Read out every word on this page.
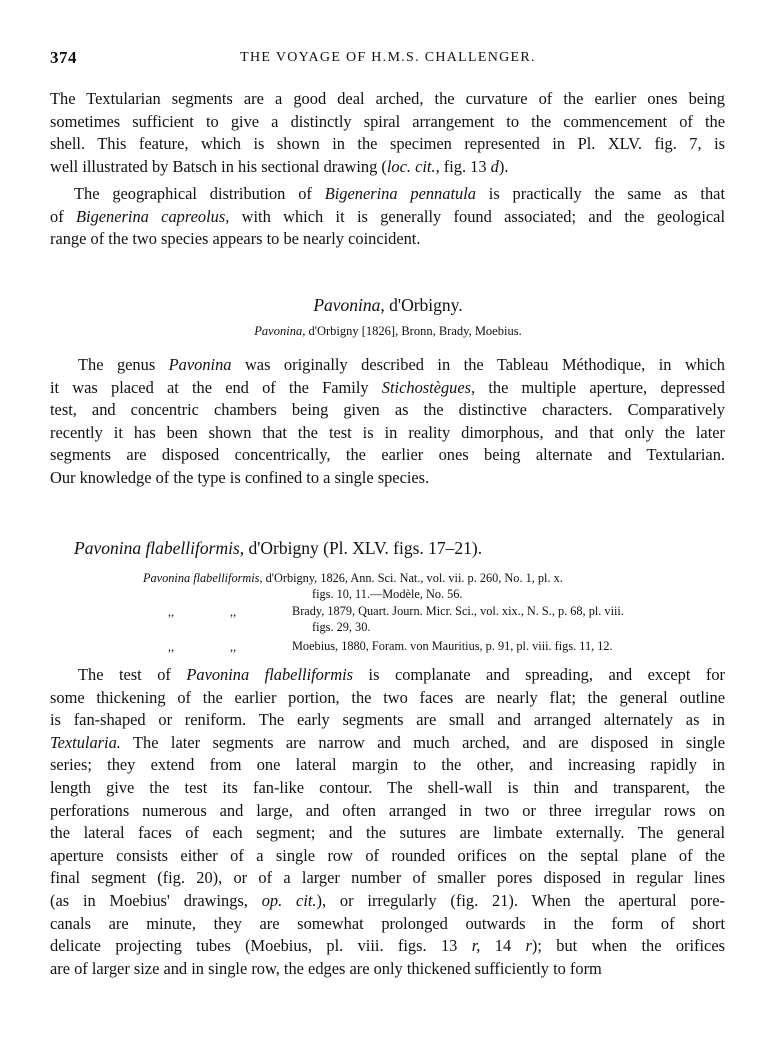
374	THE VOYAGE OF H.M.S. CHALLENGER.
The Textularian segments are a good deal arched, the curvature of the earlier ones being
sometimes sufficient to give a distinctly spiral arrangement to the commencement of the
shell. This feature, which is shown in the specimen represented in Pl. XLV. fig. 7, is
well illustrated by Batsch in his sectional drawing (loc. cit., fig. 13 d).
The geographical distribution of Bigenerina pennatula is practically the same as that
of Bigenerina capreolus, with which it is generally found associated; and the geological
range of the two species appears to be nearly coincident.
Pavonina, d'Orbigny.
Pavonina, d'Orbigny [1826], Bronn, Brady, Moebius.
The genus Pavonina was originally described in the Tableau Méthodique, in which
it was placed at the end of the Family Stichostègues, the multiple aperture, depressed
test, and concentric chambers being given as the distinctive characters. Comparatively
recently it has been shown that the test is in reality dimorphous, and that only the later
segments are disposed concentrically, the earlier ones being alternate and Textularian.
Our knowledge of the type is confined to a single species.
Pavonina flabelliformis, d'Orbigny (Pl. XLV. figs. 17–21).
Pavonina flabelliformis, d'Orbigny, 1826, Ann. Sci. Nat., vol. vii. p. 260, No. 1, pl. x.
figs. 10, 11.—Modèle, No. 56.
,,	,,	Brady, 1879, Quart. Journ. Micr. Sci., vol. xix., N. S., p. 68, pl. viii.
figs. 29, 30.
,,	,,	Moebius, 1880, Foram. von Mauritius, p. 91, pl. viii. figs. 11, 12.
The test of Pavonina flabelliformis is complanate and spreading, and except for
some thickening of the earlier portion, the two faces are nearly flat; the general outline
is fan-shaped or reniform. The early segments are small and arranged alternately as in
Textularia. The later segments are narrow and much arched, and are disposed in single
series; they extend from one lateral margin to the other, and increasing rapidly in
length give the test its fan-like contour. The shell-wall is thin and transparent, the
perforations numerous and large, and often arranged in two or three irregular rows on
the lateral faces of each segment; and the sutures are limbate externally. The general
aperture consists either of a single row of rounded orifices on the septal plane of the
final segment (fig. 20), or of a larger number of smaller pores disposed in regular lines
(as in Moebius' drawings, op. cit.), or irregularly (fig. 21). When the apertural pore-
canals are minute, they are somewhat prolonged outwards in the form of short
delicate projecting tubes (Moebius, pl. viii. figs. 13 r, 14 r); but when the orifices
are of larger size and in single row, the edges are only thickened sufficiently to form
